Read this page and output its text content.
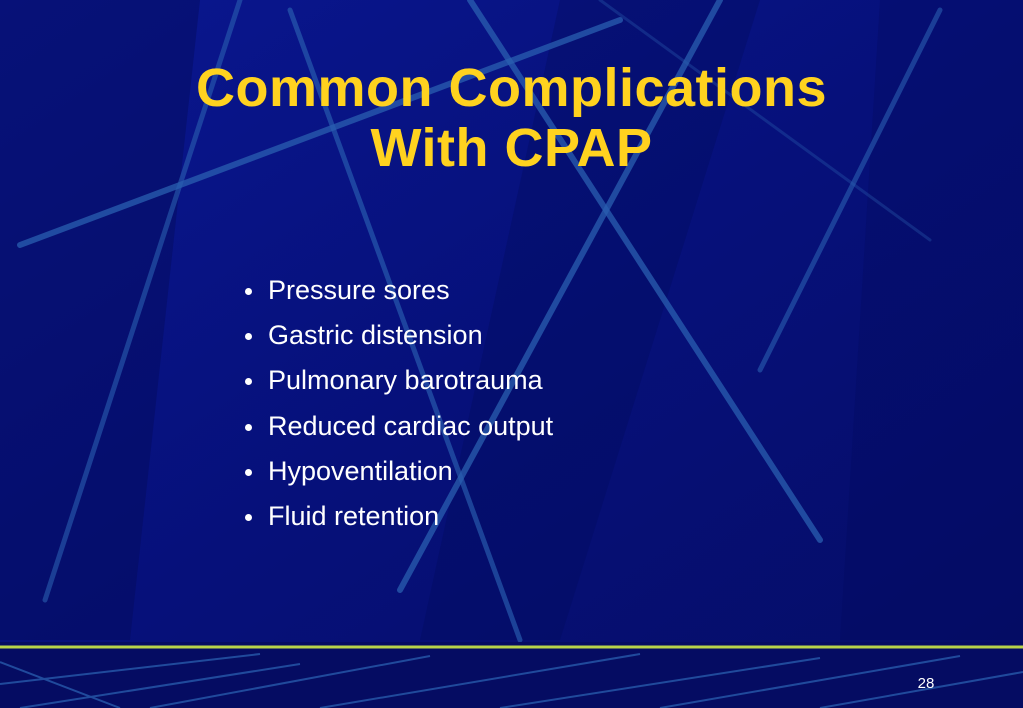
Common Complications
With CPAP
Pressure sores
Gastric distension
Pulmonary barotrauma
Reduced cardiac output
Hypoventilation
Fluid retention
28
